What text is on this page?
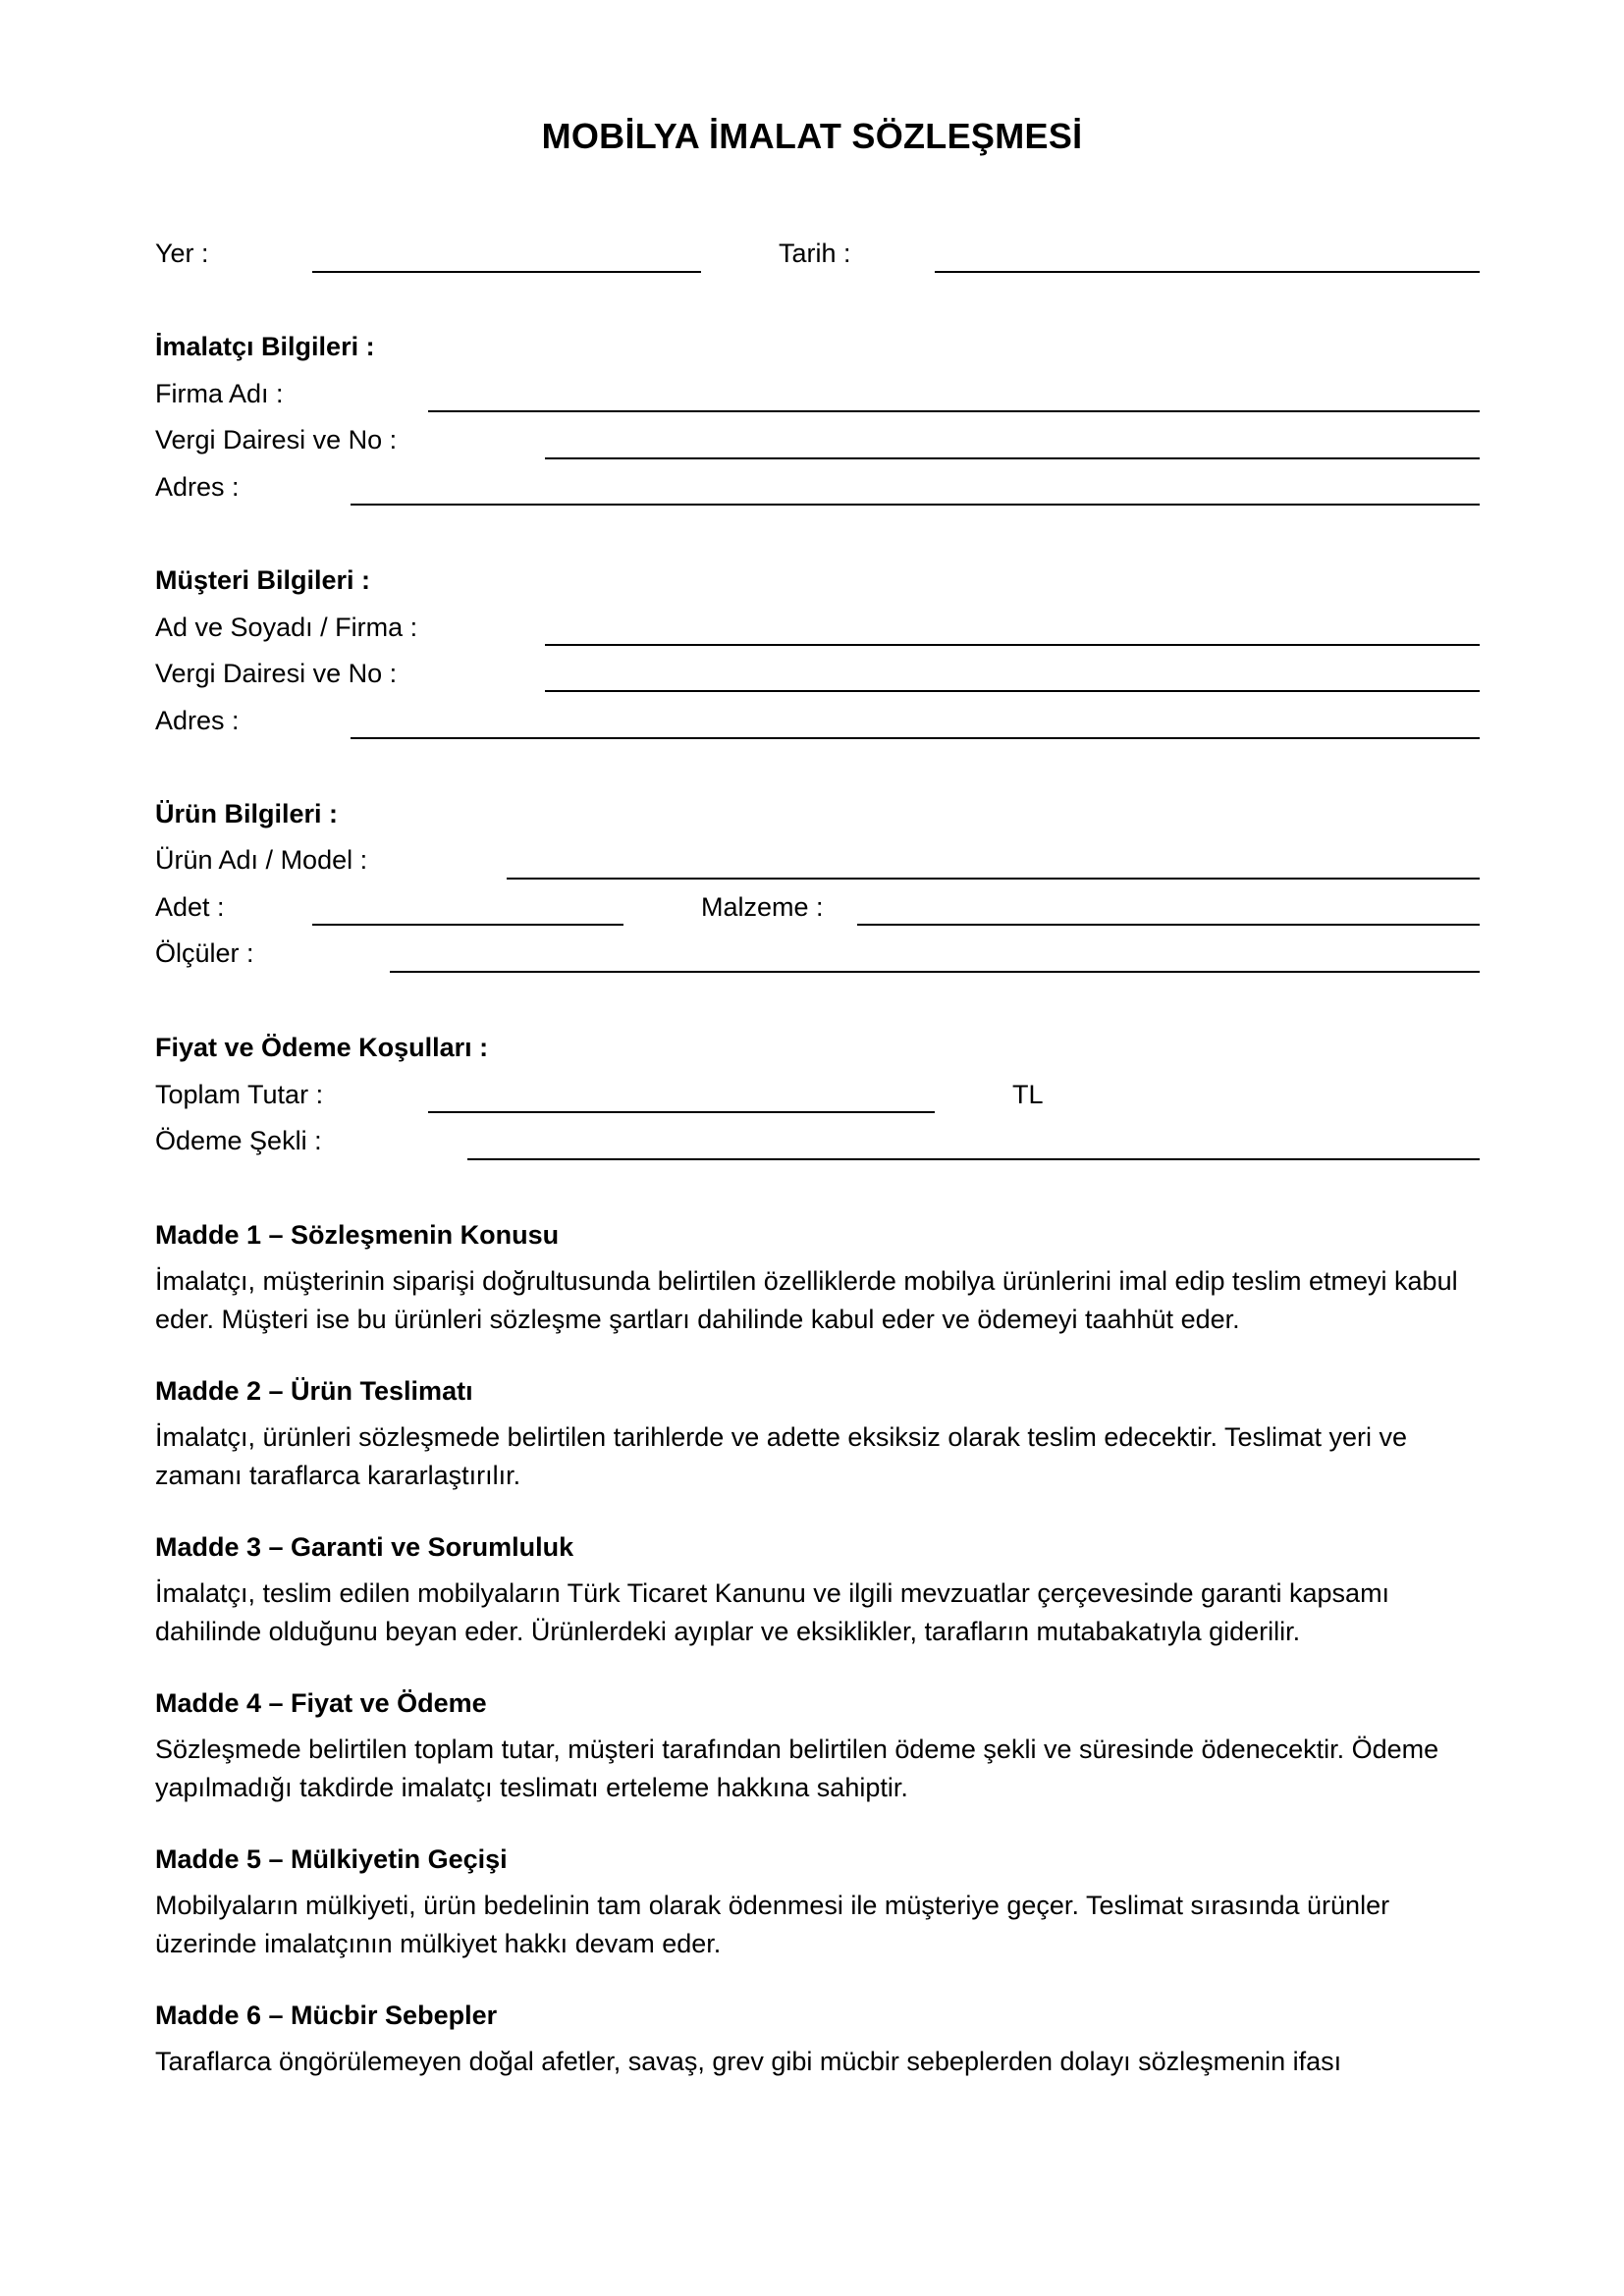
MOBİLYA İMALAT SÖZLEŞMESİ
Yer :	Tarih :
İmalatçı Bilgileri :
Firma Adı :
Vergi Dairesi ve No :
Adres :
Müşteri Bilgileri :
Ad ve Soyadı / Firma :
Vergi Dairesi ve No :
Adres :
Ürün Bilgileri :
Ürün Adı / Model :
Adet :	Malzeme :
Ölçüler :
Fiyat ve Ödeme Koşulları :
Toplam Tutar :	TL
Ödeme Şekli :
Madde 1 – Sözleşmenin Konusu
İmalatçı, müşterinin siparişi doğrultusunda belirtilen özelliklerde mobilya ürünlerini imal edip teslim etmeyi kabul eder. Müşteri ise bu ürünleri sözleşme şartları dahilinde kabul eder ve ödemeyi taahhüt eder.
Madde 2 – Ürün Teslimatı
İmalatçı, ürünleri sözleşmede belirtilen tarihlerde ve adette eksiksiz olarak teslim edecektir. Teslimat yeri ve zamanı taraflarca kararlaştırılır.
Madde 3 – Garanti ve Sorumluluk
İmalatçı, teslim edilen mobilyaların Türk Ticaret Kanunu ve ilgili mevzuatlar çerçevesinde garanti kapsamı dahilinde olduğunu beyan eder. Ürünlerdeki ayıplar ve eksiklikler, tarafların mutabakatıyla giderilir.
Madde 4 – Fiyat ve Ödeme
Sözleşmede belirtilen toplam tutar, müşteri tarafından belirtilen ödeme şekli ve süresinde ödenecektir. Ödeme yapılmadığı takdirde imalatçı teslimatı erteleme hakkına sahiptir.
Madde 5 – Mülkiyetin Geçişi
Mobilyaların mülkiyeti, ürün bedelinin tam olarak ödenmesi ile müşteriye geçer. Teslimat sırasında ürünler üzerinde imalatçının mülkiyet hakkı devam eder.
Madde 6 – Mücbir Sebepler
Taraflarca öngörülemeyen doğal afetler, savaş, grev gibi mücbir sebeplerden dolayı sözleşmenin ifası
